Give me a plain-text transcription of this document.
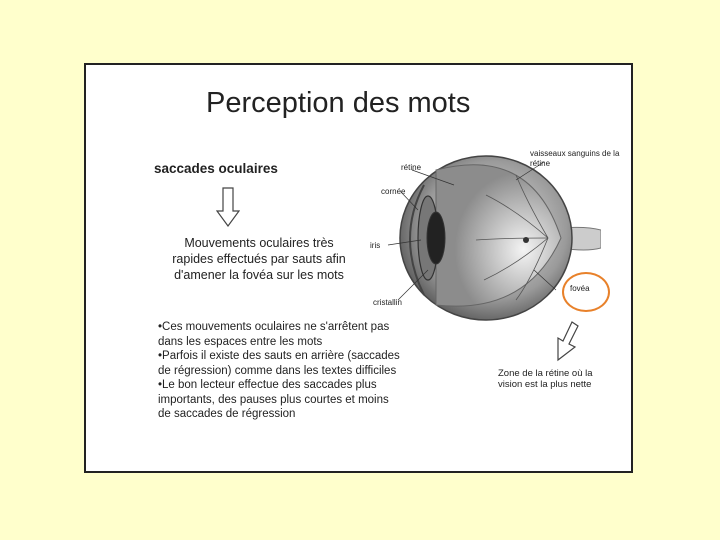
Perception des mots
saccades oculaires
Mouvements oculaires très
rapides effectués par sauts afin
d'amener la fovéa sur les mots

•Ces mouvements oculaires ne s'arrêtent pas dans les espaces entre les mots

•Parfois il existe des sauts en arrière (saccades de régression) comme dans les textes difficiles

•Le bon lecteur effectue des saccades plus importants, des pauses plus courtes et moins de saccades de régression

rétine
cornée
iris
cristallin
vaisseaux sanguins de la rétine
fovéa
Zone de la rétine où la vision est la plus nette
